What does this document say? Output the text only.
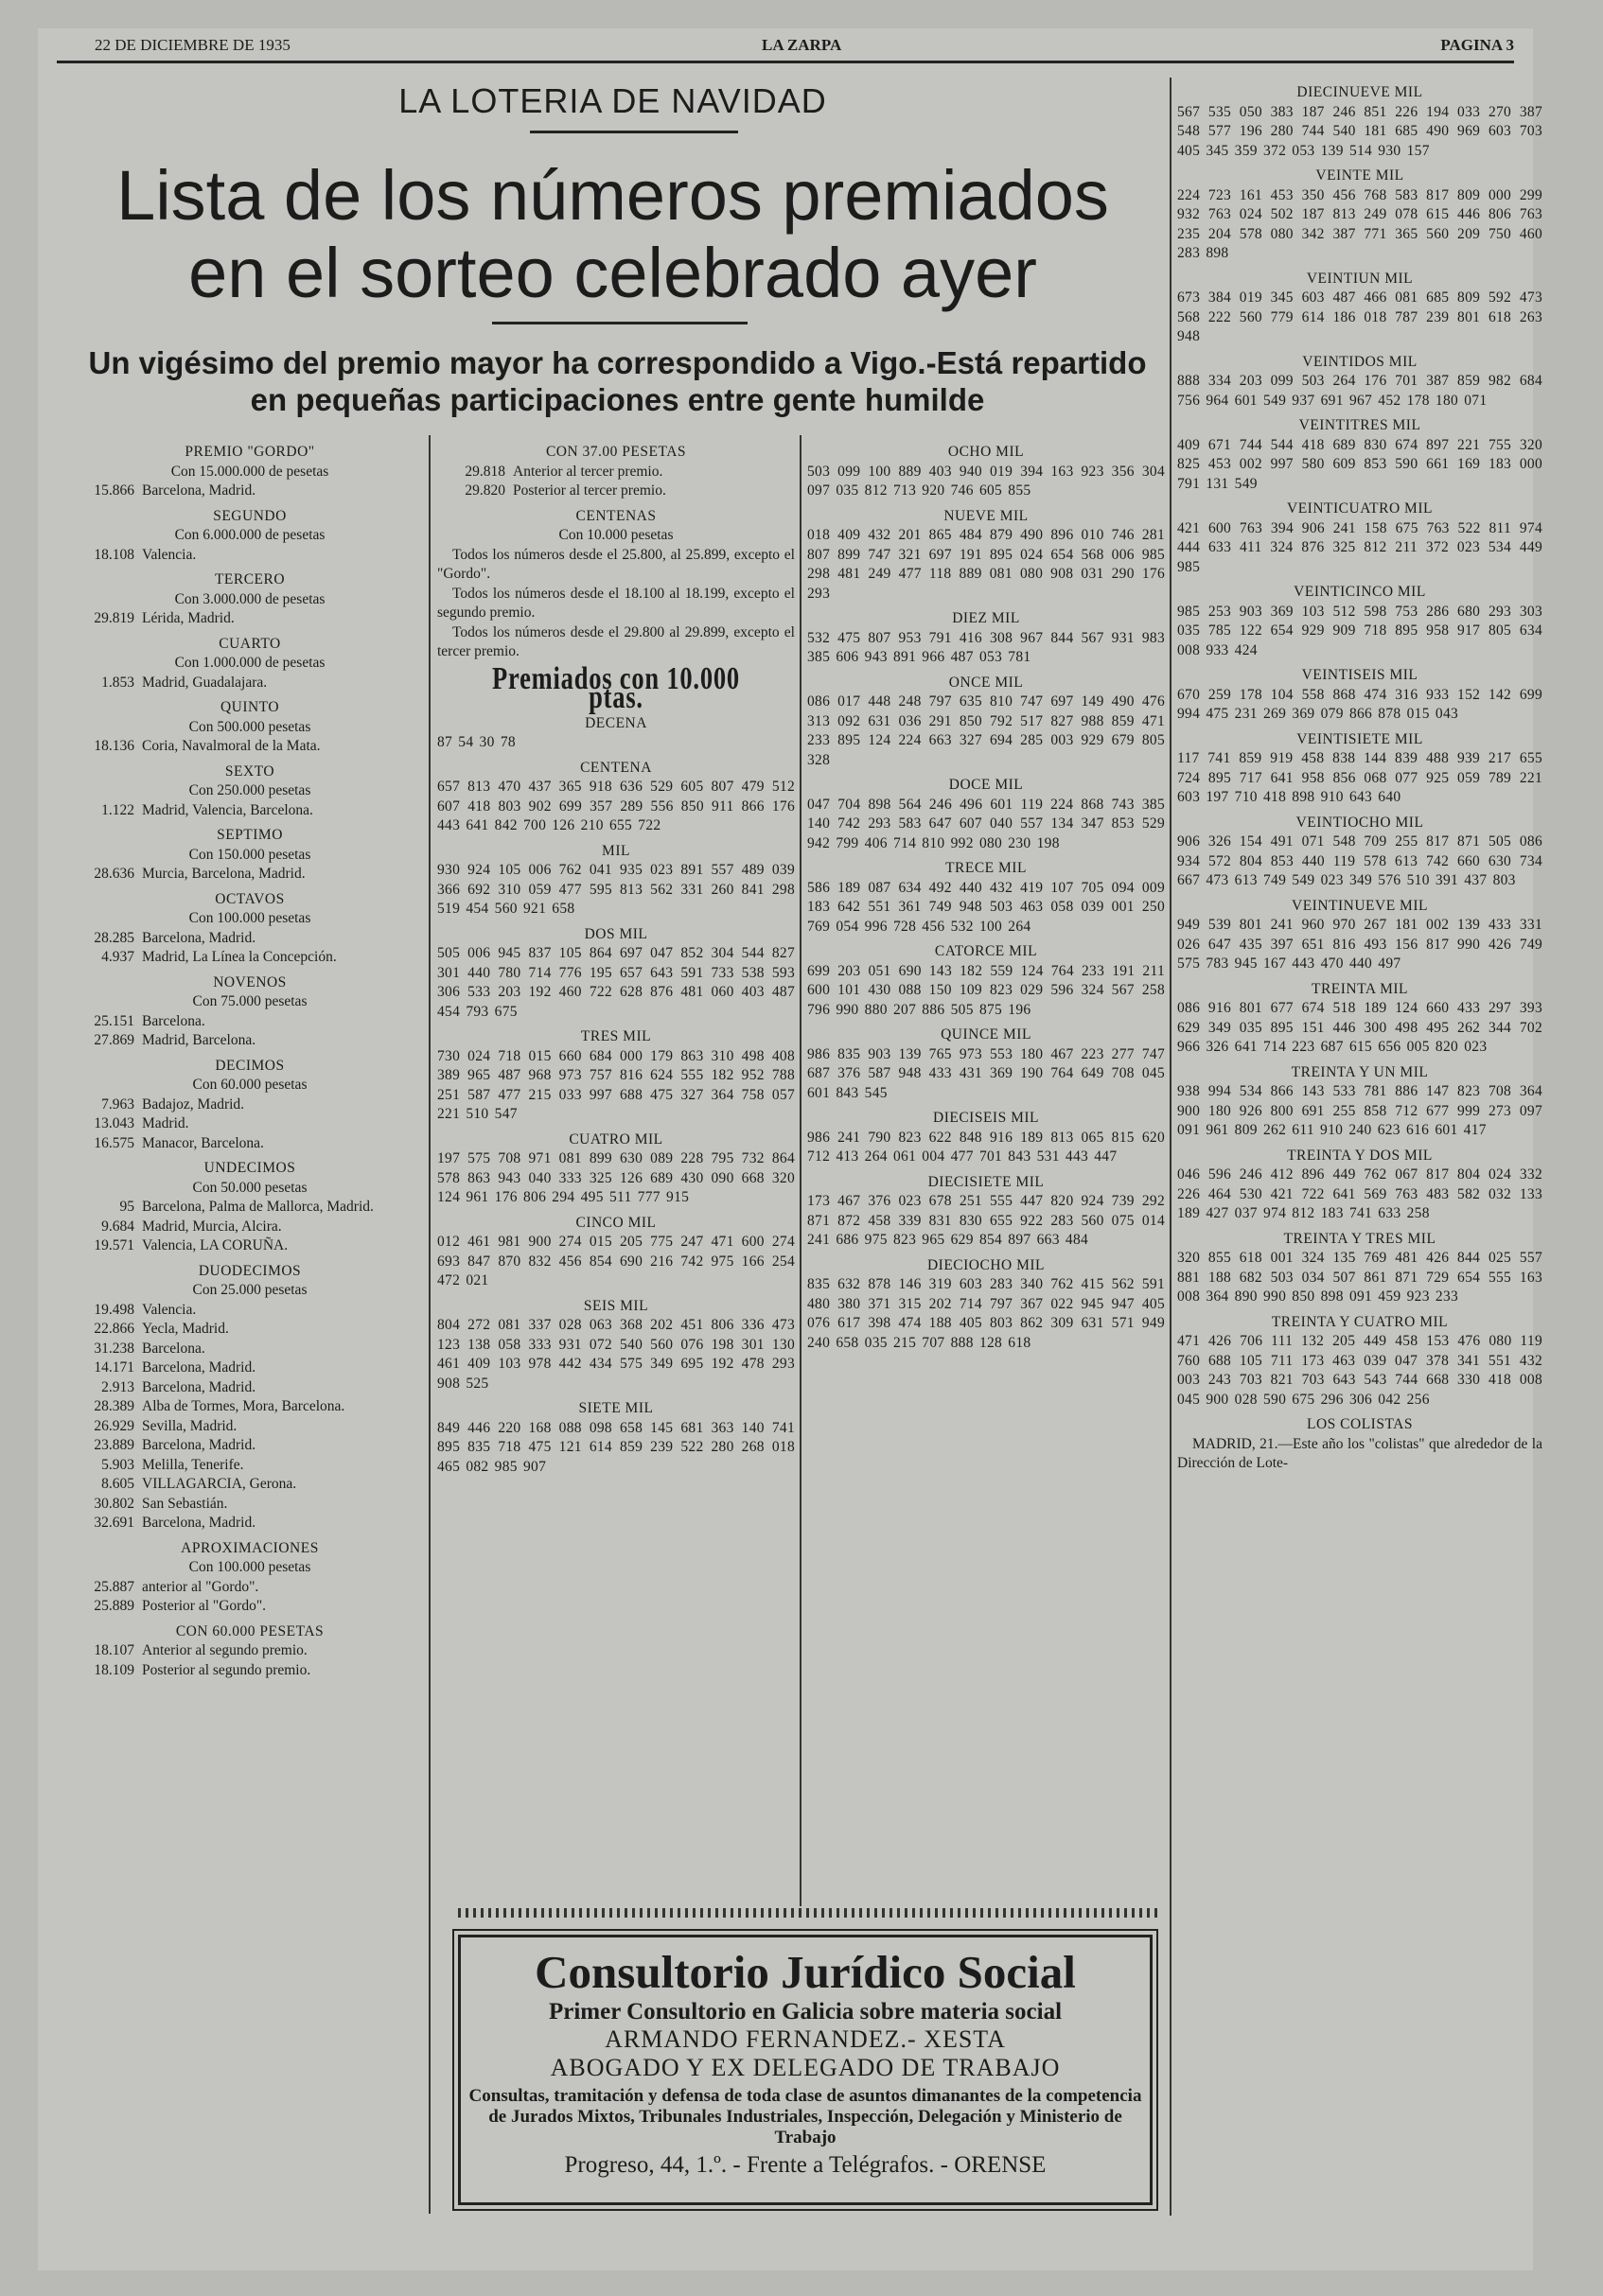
22 DE DICIEMBRE DE 1935	LA ZARPA	PAGINA 3
LA LOTERIA DE NAVIDAD
Lista de los números premiados
en el sorteo celebrado ayer
Un vigésimo del premio mayor ha correspondido a Vigo.-Está repartido
en pequeñas participaciones entre gente humilde
PREMIO "GORDO"
Con 15.000.000 de pesetas
15.866 Barcelona, Madrid.
SEGUNDO
Con 6.000.000 de pesetas
18.108 Valencia.
TERCERO
Con 3.000.000 de pesetas
29.819 Lérida, Madrid.
CUARTO
Con 1.000.000 de pesetas
1.853 Madrid, Guadalajara.
QUINTO
Con 500.000 pesetas
18.136 Coria, Navalmoral de la Mata.
SEXTO
Con 250.000 pesetas
1.122 Madrid, Valencia, Barcelona.
SEPTIMO
Con 150.000 pesetas
28.636 Murcia, Barcelona, Madrid.
OCTAVOS
Con 100.000 pesetas
28.285 Barcelona, Madrid.
4.937 Madrid, La Línea la Concepción.
NOVENOS
Con 75.000 pesetas
25.151 Barcelona.
27.869 Madrid, Barcelona.
DECIMOS
Con 60.000 pesetas
7.963 Badajoz, Madrid.
13.043 Madrid.
16.575 Manacor, Barcelona.
UNDECIMOS
Con 50.000 pesetas
95 Barcelona, Palma de Mallorca, Madrid.
9.684 Madrid, Murcia, Alcira.
19.571 Valencia, LA CORUÑA.
DUODECIMOS
Con 25.000 pesetas
19.498 Valencia.
22.866 Yecla, Madrid.
31.238 Barcelona.
14.171 Barcelona, Madrid.
2.913 Barcelona, Madrid.
28.389 Alba de Tormes, Mora, Barcelona.
26.929 Sevilla, Madrid.
23.889 Barcelona, Madrid.
5.903 Melilla, Tenerife.
8.605 VILLAGARCIA, Gerona.
30.802 San Sebastián.
32.691 Barcelona, Madrid.
APROXIMACIONES
Con 100.000 pesetas
25.887 anterior al "Gordo".
25.889 Posterior al "Gordo".
CON 60.000 PESETAS
18.107 Anterior al segundo premio.
18.109 Posterior al segundo premio.
CON 37.00 PESETAS
29.818 Anterior al tercer premio.
29.820 Posterior al tercer premio.
CENTENAS
Con 10.000 pesetas
Todos los números desde el 25.800, al 25.899, excepto el "Gordo".
Todos los números desde el 18.100 al 18.199, excepto el segundo premio.
Todos los números desde el 29.800 al 29.899, excepto el tercer premio.
Premiados con 10.000 ptas.
DECENA
87 54 30 78
CENTENA
657 813 470 437 365 918 636 529 605 807 479 512 607 418 803 902 699 357 289 556 850 911 866 176 443 641 842 700 126 210 655 722
MIL
930 924 105 006 762 041 935 023 891 557 489 039 366 692 310 059 477 595 813 562 331 260 841 298 519 454 560 921 658
DOS MIL
505 006 945 837 105 864 697 047 852 304 544 827 301 440 780 714 776 195 657 643 591 733 538 593 306 533 203 192 460 722 628 876 481 060 403 487 454 793 675
TRES MIL
730 024 718 015 660 684 000 179 863 310 498 408 389 965 487 968 973 757 816 624 555 182 952 788 251 587 477 215 033 997 688 475 327 364 758 057 221 510 547
CUATRO MIL
197 575 708 971 081 899 630 089 228 795 732 864 578 863 943 040 333 325 126 689 430 090 668 320 124 961 176 806 294 495 511 777 915
CINCO MIL
012 461 981 900 274 015 205 775 247 471 600 274 693 847 870 832 456 854 690 216 742 975 166 254 472 021
SEIS MIL
804 272 081 337 028 063 368 202 451 806 336 473 123 138 058 333 931 072 540 560 076 198 301 130 461 409 103 978 442 434 575 349 695 192 478 293 908 525
SIETE MIL
849 446 220 168 088 098 658 145 681 363 140 741 895 835 718 475 121 614 859 239 522 280 268 018 465 082 985 907
OCHO MIL
503 099 100 889 403 940 019 394 163 923 356 304 097 035 812 713 920 746 605 855
NUEVE MIL
018 409 432 201 865 484 879 490 896 010 746 281 807 899 747 321 697 191 895 024 654 568 006 985 298 481 249 477 118 889 081 080 908 031 290 176 293
DIEZ MIL
532 475 807 953 791 416 308 967 844 567 931 983 385 606 943 891 966 487 053 781
ONCE MIL
086 017 448 248 797 635 810 747 697 149 490 476 313 092 631 036 291 850 792 517 827 988 859 471 233 895 124 224 663 327 694 285 003 929 679 805 328
DOCE MIL
047 704 898 564 246 496 601 119 224 868 743 385 140 742 293 583 647 607 040 557 134 347 853 529 942 799 406 714 810 992 080 230 198
TRECE MIL
586 189 087 634 492 440 432 419 107 705 094 009 183 642 551 361 749 948 503 463 058 039 001 250 769 054 996 728 456 532 100 264
CATORCE MIL
699 203 051 690 143 182 559 124 764 233 191 211 600 101 430 088 150 109 823 029 596 324 567 258 796 990 880 207 886 505 875 196
QUINCE MIL
986 835 903 139 765 973 553 180 467 223 277 747 687 376 587 948 433 431 369 190 764 649 708 045 601 843 545
DIECISEIS MIL
986 241 790 823 622 848 916 189 813 065 815 620 712 413 264 061 004 477 701 843 531 443 447
DIECISIETE MIL
173 467 376 023 678 251 555 447 820 924 739 292 871 872 458 339 831 830 655 922 283 560 075 014 241 686 975 823 965 629 854 897 663 484
DIECIOCHO MIL
835 632 878 146 319 603 283 340 762 415 562 591 480 380 371 315 202 714 797 367 022 945 947 405 076 617 398 474 188 405 803 862 309 631 571 949 240 658 035 215 707 888 128 618
DIECINUEVE MIL
567 535 050 383 187 246 851 226 194 033 270 387 548 577 196 280 744 540 181 685 490 969 603 703 405 345 359 372 053 139 514 930 157
VEINTE MIL
224 723 161 453 350 456 768 583 817 809 000 299 932 763 024 502 187 813 249 078 615 446 806 763 235 204 578 080 342 387 771 365 560 209 750 460 283 898
VEINTIUN MIL
673 384 019 345 603 487 466 081 685 809 592 473 568 222 560 779 614 186 018 787 239 801 618 263 948
VEINTIDOS MIL
888 334 203 099 503 264 176 701 387 859 982 684 756 964 601 549 937 691 967 452 178 180 071
VEINTITRES MIL
409 671 744 544 418 689 830 674 897 221 755 320 825 453 002 997 580 609 853 590 661 169 183 000 791 131 549
VEINTICUATRO MIL
421 600 763 394 906 241 158 675 763 522 811 974 444 633 411 324 876 325 812 211 372 023 534 449 985
VEINTICINCO MIL
985 253 903 369 103 512 598 753 286 680 293 303 035 785 122 654 929 909 718 895 958 917 805 634 008 933 424
VEINTISEIS MIL
670 259 178 104 558 868 474 316 933 152 142 699 994 475 231 269 369 079 866 878 015 043
VEINTISIETE MIL
117 741 859 919 458 838 144 839 488 939 217 655 724 895 717 641 958 856 068 077 925 059 789 221 603 197 710 418 898 910 643 640
VEINTIOCHO MIL
906 326 154 491 071 548 709 255 817 871 505 086 934 572 804 853 440 119 578 613 742 660 630 734 667 473 613 749 549 023 349 576 510 391 437 803
VEINTINUEVE MIL
949 539 801 241 960 970 267 181 002 139 433 331 026 647 435 397 651 816 493 156 817 990 426 749 575 783 945 167 443 470 440 497
TREINTA MIL
086 916 801 677 674 518 189 124 660 433 297 393 629 349 035 895 151 446 300 498 495 262 344 702 966 326 641 714 223 687 615 656 005 820 023
TREINTA Y UN MIL
938 994 534 866 143 533 781 886 147 823 708 364 900 180 926 800 691 255 858 712 677 999 273 097 091 961 809 262 611 910 240 623 616 601 417
TREINTA Y DOS MIL
046 596 246 412 896 449 762 067 817 804 024 332 226 464 530 421 722 641 569 763 483 582 032 133 189 427 037 974 812 183 741 633 258
TREINTA Y TRES MIL
320 855 618 001 324 135 769 481 426 844 025 557 881 188 682 503 034 507 861 871 729 654 555 163 008 364 890 990 850 898 091 459 923 233
TREINTA Y CUATRO MIL
471 426 706 111 132 205 449 458 153 476 080 119 760 688 105 711 173 463 039 047 378 341 551 432 003 243 703 821 703 643 543 744 668 330 418 008 045 900 028 590 675 296 306 042 256
LOS COLISTAS
MADRID, 21.—Este año los "colistas" que alrededor de la Dirección de Lote-
Consultorio Jurídico Social
Primer Consultorio en Galicia sobre materia social
ARMANDO FERNANDEZ.- XESTA
ABOGADO Y EX DELEGADO DE TRABAJO
Consultas, tramitación y defensa de toda clase de asuntos dimanantes de la competencia de Jurados Mixtos, Tribunales Industriales, Inspección, Delegación y Ministerio de Trabajo
Progreso, 44, 1.º. - Frente a Telégrafos. - ORENSE
